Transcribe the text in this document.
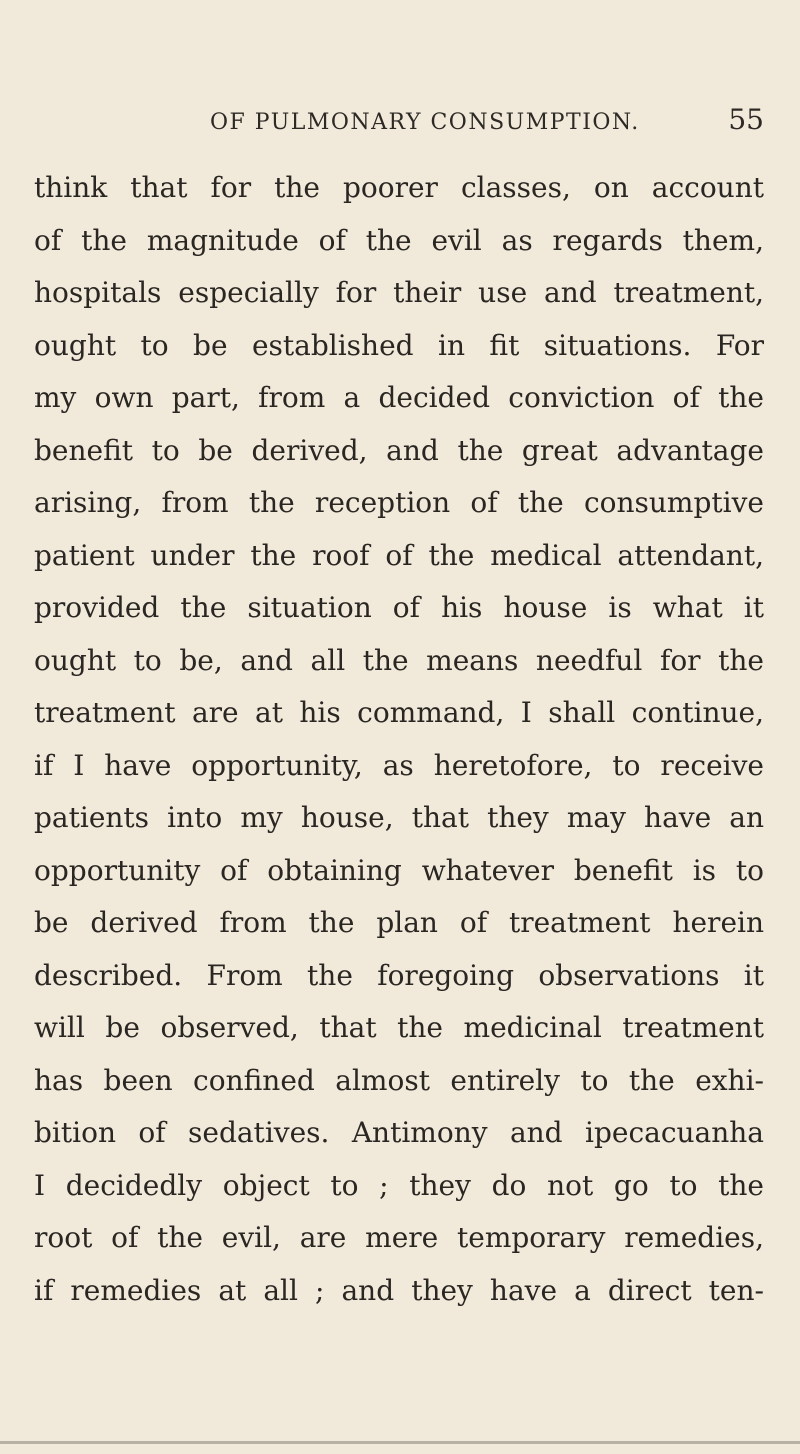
OF PULMONARY CONSUMPTION.	55
think that for the poorer classes, on account
of the magnitude of the evil as regards them,
hospitals especially for their use and treatment,
ought to be established in fit situations. For
my own part, from a decided conviction of the
benefit to be derived, and the great advantage
arising, from the reception of the consumptive
patient under the roof of the medical attendant,
provided the situation of his house is what it
ought to be, and all the means needful for the
treatment are at his command, I shall continue,
if I have opportunity, as heretofore, to receive
patients into my house, that they may have an
opportunity of obtaining whatever benefit is to
be derived from the plan of treatment herein
described. From the foregoing observations it
will be observed, that the medicinal treatment
has been confined almost entirely to the exhi-
bition of sedatives. Antimony and ipecacuanha
I decidedly object to ; they do not go to the
root of the evil, are mere temporary remedies,
if remedies at all ; and they have a direct ten-
